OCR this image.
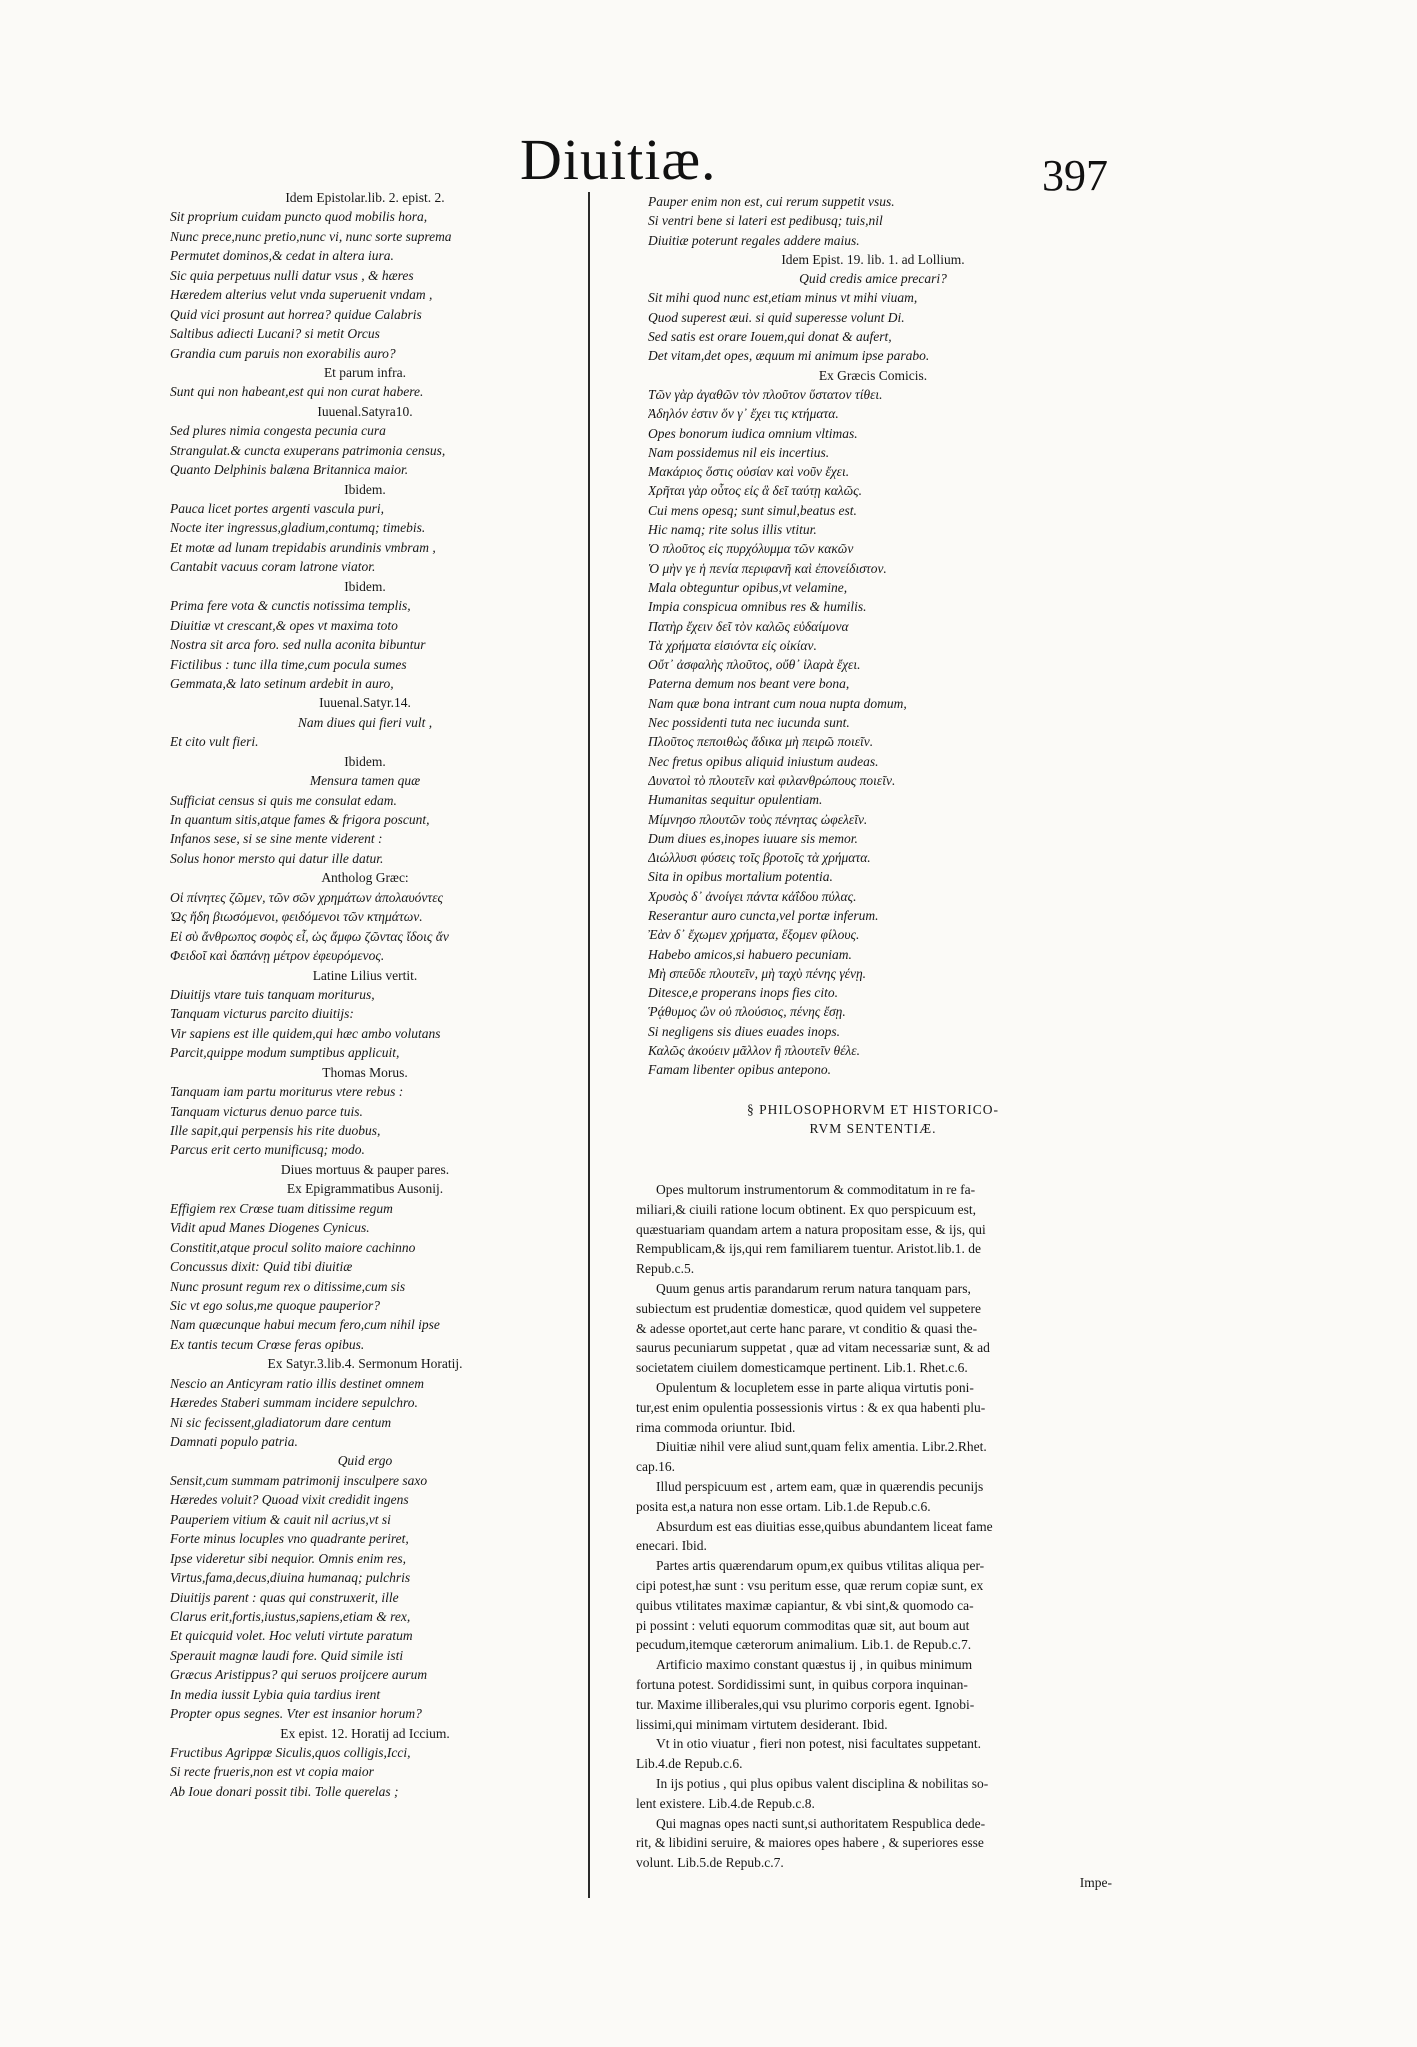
Diuitiæ.	397
Idem Epistolar.lib. 2. epist. 2.
Sit proprium cuidam puncto quod mobilis hora,
Nunc prece,nunc pretio,nunc vi, nunc sorte suprema
Permutet dominos,& cedat in altera iura.
Sic quia perpetuus nulli datur vsus , & hæres
Hæredem alterius velut vnda superuenit vndam ,
Quid vici prosunt aut horrea? quidue Calabris
Saltibus adiecti Lucani? si metit Orcus
Grandia cum paruis non exorabilis auro?
Et parum infra.
Sunt qui non habeant,est qui non curat habere.
Iuuenal.Satyra10.
Sed plures nimia congesta pecunia cura
Strangulat.& cuncta exuperans patrimonia census,
Quanto Delphinis balæna Britannica maior.
Ibidem.
Pauca licet portes argenti vascula puri,
Nocte iter ingressus,gladium,contumq; timebis.
Et motæ ad lunam trepidabis arundinis vmbram ,
Cantabit vacuus coram latrone viator.
Ibidem.
Prima fere vota & cunctis notissima templis,
Diuitiæ vt crescant,& opes vt maxima toto
Nostra sit arca foro. sed nulla aconita bibuntur
Fictilibus : tunc illa time,cum pocula sumes
Gemmata,& lato setinum ardebit in auro,
Iuuenal.Satyr.14.
Nam diues qui fieri vult ,
Et cito vult fieri.
Ibidem.
Mensura tamen quæ
Sufficiat census si quis me consulat edam.
In quantum sitis,atque fames & frigora poscunt,
Infanos sese, si se sine mente viderent :
Solus honor mersto qui datur ille datur.
Antholog Græc:
Οἱ πίνητες ζῶμεν, τῶν σῶν χρημάτων ἀπολαυόντες
Ὡς ἤδη βιωσόμενοι, φειδόμενοι τῶν κτημάτων.
Εἰ σὺ ἄνθρωπος σοφὸς εἶ, ὡς ἄμφω ζῶντας ἴδοις ἄν
Φειδοῖ καὶ δαπάνῃ μέτρον ἐφευρόμενος.
Latine Lilius vertit.
Diuitijs vtare tuis tanquam moriturus,
Tanquam victurus parcito diuitijs:
Vir sapiens est ille quidem,qui hæc ambo volutans
Parcit,quippe modum sumptibus applicuit,
Thomas Morus.
Tanquam iam partu moriturus vtere rebus :
Tanquam victurus denuo parce tuis.
Ille sapit,qui perpensis his rite duobus,
Parcus erit certo munificusq; modo.
Diues mortuus & pauper pares.
Ex Epigrammatibus Ausonij.
Effigiem rex Crœse tuam ditissime regum
Vidit apud Manes Diogenes Cynicus.
Constitit,atque procul solito maiore cachinno
Concussus dixit: Quid tibi diuitiæ
Nunc prosunt regum rex o ditissime,cum sis
Sic vt ego solus,me quoque pauperior?
Nam quæcunque habui mecum fero,cum nihil ipse
Ex tantis tecum Crœse feras opibus.
Ex Satyr.3.lib.4. Sermonum Horatij.
Nescio an Anticyram ratio illis destinet omnem
Hæredes Staberi summam incidere sepulchro.
Ni sic fecissent,gladiatorum dare centum
Damnati populo patria.
Quid ergo
Sensit,cum summam patrimonij insculpere saxo
Hæredes voluit? Quoad vixit credidit ingens
Pauperiem vitium & cauit nil acrius,vt si
Forte minus locuples vno quadrante periret,
Ipse videretur sibi nequior. Omnis enim res,
Virtus,fama,decus,diuina humanaq; pulchris
Diuitijs parent : quas qui construxerit, ille
Clarus erit,fortis,iustus,sapiens,etiam & rex,
Et quicquid volet. Hoc veluti virtute paratum
Sperauit magnæ laudi fore. Quid simile isti
Græcus Aristippus? qui seruos proijcere aurum
In media iussit Lybia quia tardius irent
Propter opus segnes. Vter est insanior horum?
Ex epist. 12. Horatij ad Iccium.
Fructibus Agrippæ Siculis,quos colligis,Icci,
Si recte frueris,non est vt copia maior
Ab Ioue donari possit tibi. Tolle querelas ;
Pauper enim non est, cui rerum suppetit vsus.
Si ventri bene si lateri est pedibusq; tuis,nil
Diuitiæ poterunt regales addere maius.
Idem Epist. 19. lib. 1. ad Lollium.
Quid credis amice precari?
Sit mihi quod nunc est,etiam minus vt mihi viuam,
Quod superest æui. si quid superesse volunt Di.
Sed satis est orare Iouem,qui donat & aufert,
Det vitam,det opes, æquum mi animum ipse parabo.
Ex Græcis Comicis.
Τῶν γὰρ ἀγαθῶν τὸν πλοῦτον ὕστατον τίθει.
Ἀδηλόν ἐστιν ὅν γ᾽ ἔχει τις κτήματα.
Opes bonorum iudica omnium vltimas.
Nam possidemus nil eis incertius.
Μακάριος ὅστις οὐσίαν καὶ νοῦν ἔχει.
Χρῆται γὰρ οὗτος εἰς ἃ δεῖ ταύτῃ καλῶς.
Cui mens opesq; sunt simul,beatus est.
Hic namq; rite solus illis vtitur.
Ὁ πλοῦτος εἰς πυρχόλυμμα τῶν κακῶν
Ὁ μὴν γε ἡ πενία περιφανῆ καὶ ἐπονείδιστον.
Mala obteguntur opibus,vt velamine,
Impia conspicua omnibus res & humilis.
Πατὴρ ἔχειν δεῖ τὸν καλῶς εὐδαίμονα
Τὰ χρήματα εἰσιόντα εἰς οἰκίαν.
Οὔτ᾽ ἀσφαλὴς πλοῦτος, οὔθ᾽ ἱλαρὰ ἔχει.
Paterna demum nos beant vere bona,
Nam quæ bona intrant cum noua nupta domum,
Nec possidenti tuta nec iucunda sunt.
Πλοῦτος πεποιθὼς ἄδικα μὴ πειρῶ ποιεῖν.
Nec fretus opibus aliquid iniustum audeas.
Δυνατοὶ τὸ πλουτεῖν καὶ φιλανθρώπους ποιεῖν.
Humanitas sequitur opulentiam.
Μίμνησο πλουτῶν τοὺς πένητας ὠφελεῖν.
Dum diues es,inopes iuuare sis memor.
Διώλλυσι φύσεις τοῖς βροτοῖς τὰ χρήματα.
Sita in opibus mortalium potentia.
Χρυσὸς δ᾽ ἀνοίγει πάντα κἀΐδου πύλας.
Reserantur auro cuncta,vel portæ inferum.
Ἐὰν δ᾽ ἔχωμεν χρήματα, ἕξομεν φίλους.
Habebo amicos,si habuero pecuniam.
Μὴ σπεῦδε πλουτεῖν, μὴ ταχὺ πένης γένῃ.
Ditesce,e properans inops fies cito.
Ῥᾴθυμος ὢν οὐ πλούσιος, πένης ἔσῃ.
Si negligens sis diues euades inops.
Καλῶς ἀκούειν μᾶλλον ἢ πλουτεῖν θέλε.
Famam libenter opibus antepono.
§ PHILOSOPHORVM ET HISTORICO-
RVM SENTENTIÆ.
Opes multorum instrumentorum & commoditatum in re fa-
miliari,& ciuili ratione locum obtinent. Ex quo perspicuum est,
quæstuariam quandam artem a natura propositam esse, & ijs, qui
Rempublicam,& ijs,qui rem familiarem tuentur. Aristot.lib.1. de
Repub.c.5.
Quum genus artis parandarum rerum natura tanquam pars,
subiectum est prudentiæ domesticæ, quod quidem vel suppetere
& adesse oportet,aut certe hanc parare, vt conditio & quasi the-
saurus pecuniarum suppetat , quæ ad vitam necessariæ sunt, & ad
societatem ciuilem domesticamque pertinent. Lib.1. Rhet.c.6.
Opulentum & locupletem esse in parte aliqua virtutis poni-
tur,est enim opulentia possessionis virtus : & ex qua habenti plu-
rima commoda oriuntur. Ibid.
Diuitiæ nihil vere aliud sunt,quam felix amentia. Libr.2.Rhet.
cap.16.
Illud perspicuum est , artem eam, quæ in quærendis pecunijs
posita est,a natura non esse ortam. Lib.1.de Repub.c.6.
Absurdum est eas diuitias esse,quibus abundantem liceat fame
enecari. Ibid.
Partes artis quærendarum opum,ex quibus vtilitas aliqua per-
cipi potest,hæ sunt : vsu peritum esse, quæ rerum copiæ sunt, ex
quibus vtilitates maximæ capiantur, & vbi sint,& quomodo ca-
pi possint : veluti equorum commoditas quæ sit, aut boum aut
pecudum,itemque cæterorum animalium. Lib.1. de Repub.c.7.
Artificio maximo constant quæstus ij , in quibus minimum
fortuna potest. Sordidissimi sunt, in quibus corpora inquinan-
tur. Maxime illiberales,qui vsu plurimo corporis egent. Ignobi-
lissimi,qui minimam virtutem desiderant. Ibid.
Vt in otio viuatur , fieri non potest, nisi facultates suppetant.
Lib.4.de Repub.c.6.
In ijs potius , qui plus opibus valent disciplina & nobilitas so-
lent existere. Lib.4.de Repub.c.8.
Qui magnas opes nacti sunt,si authoritatem Respublica dede-
rit, & libidini seruire, & maiores opes habere , & superiores esse
volunt. Lib.5.de Repub.c.7.
Impe-
